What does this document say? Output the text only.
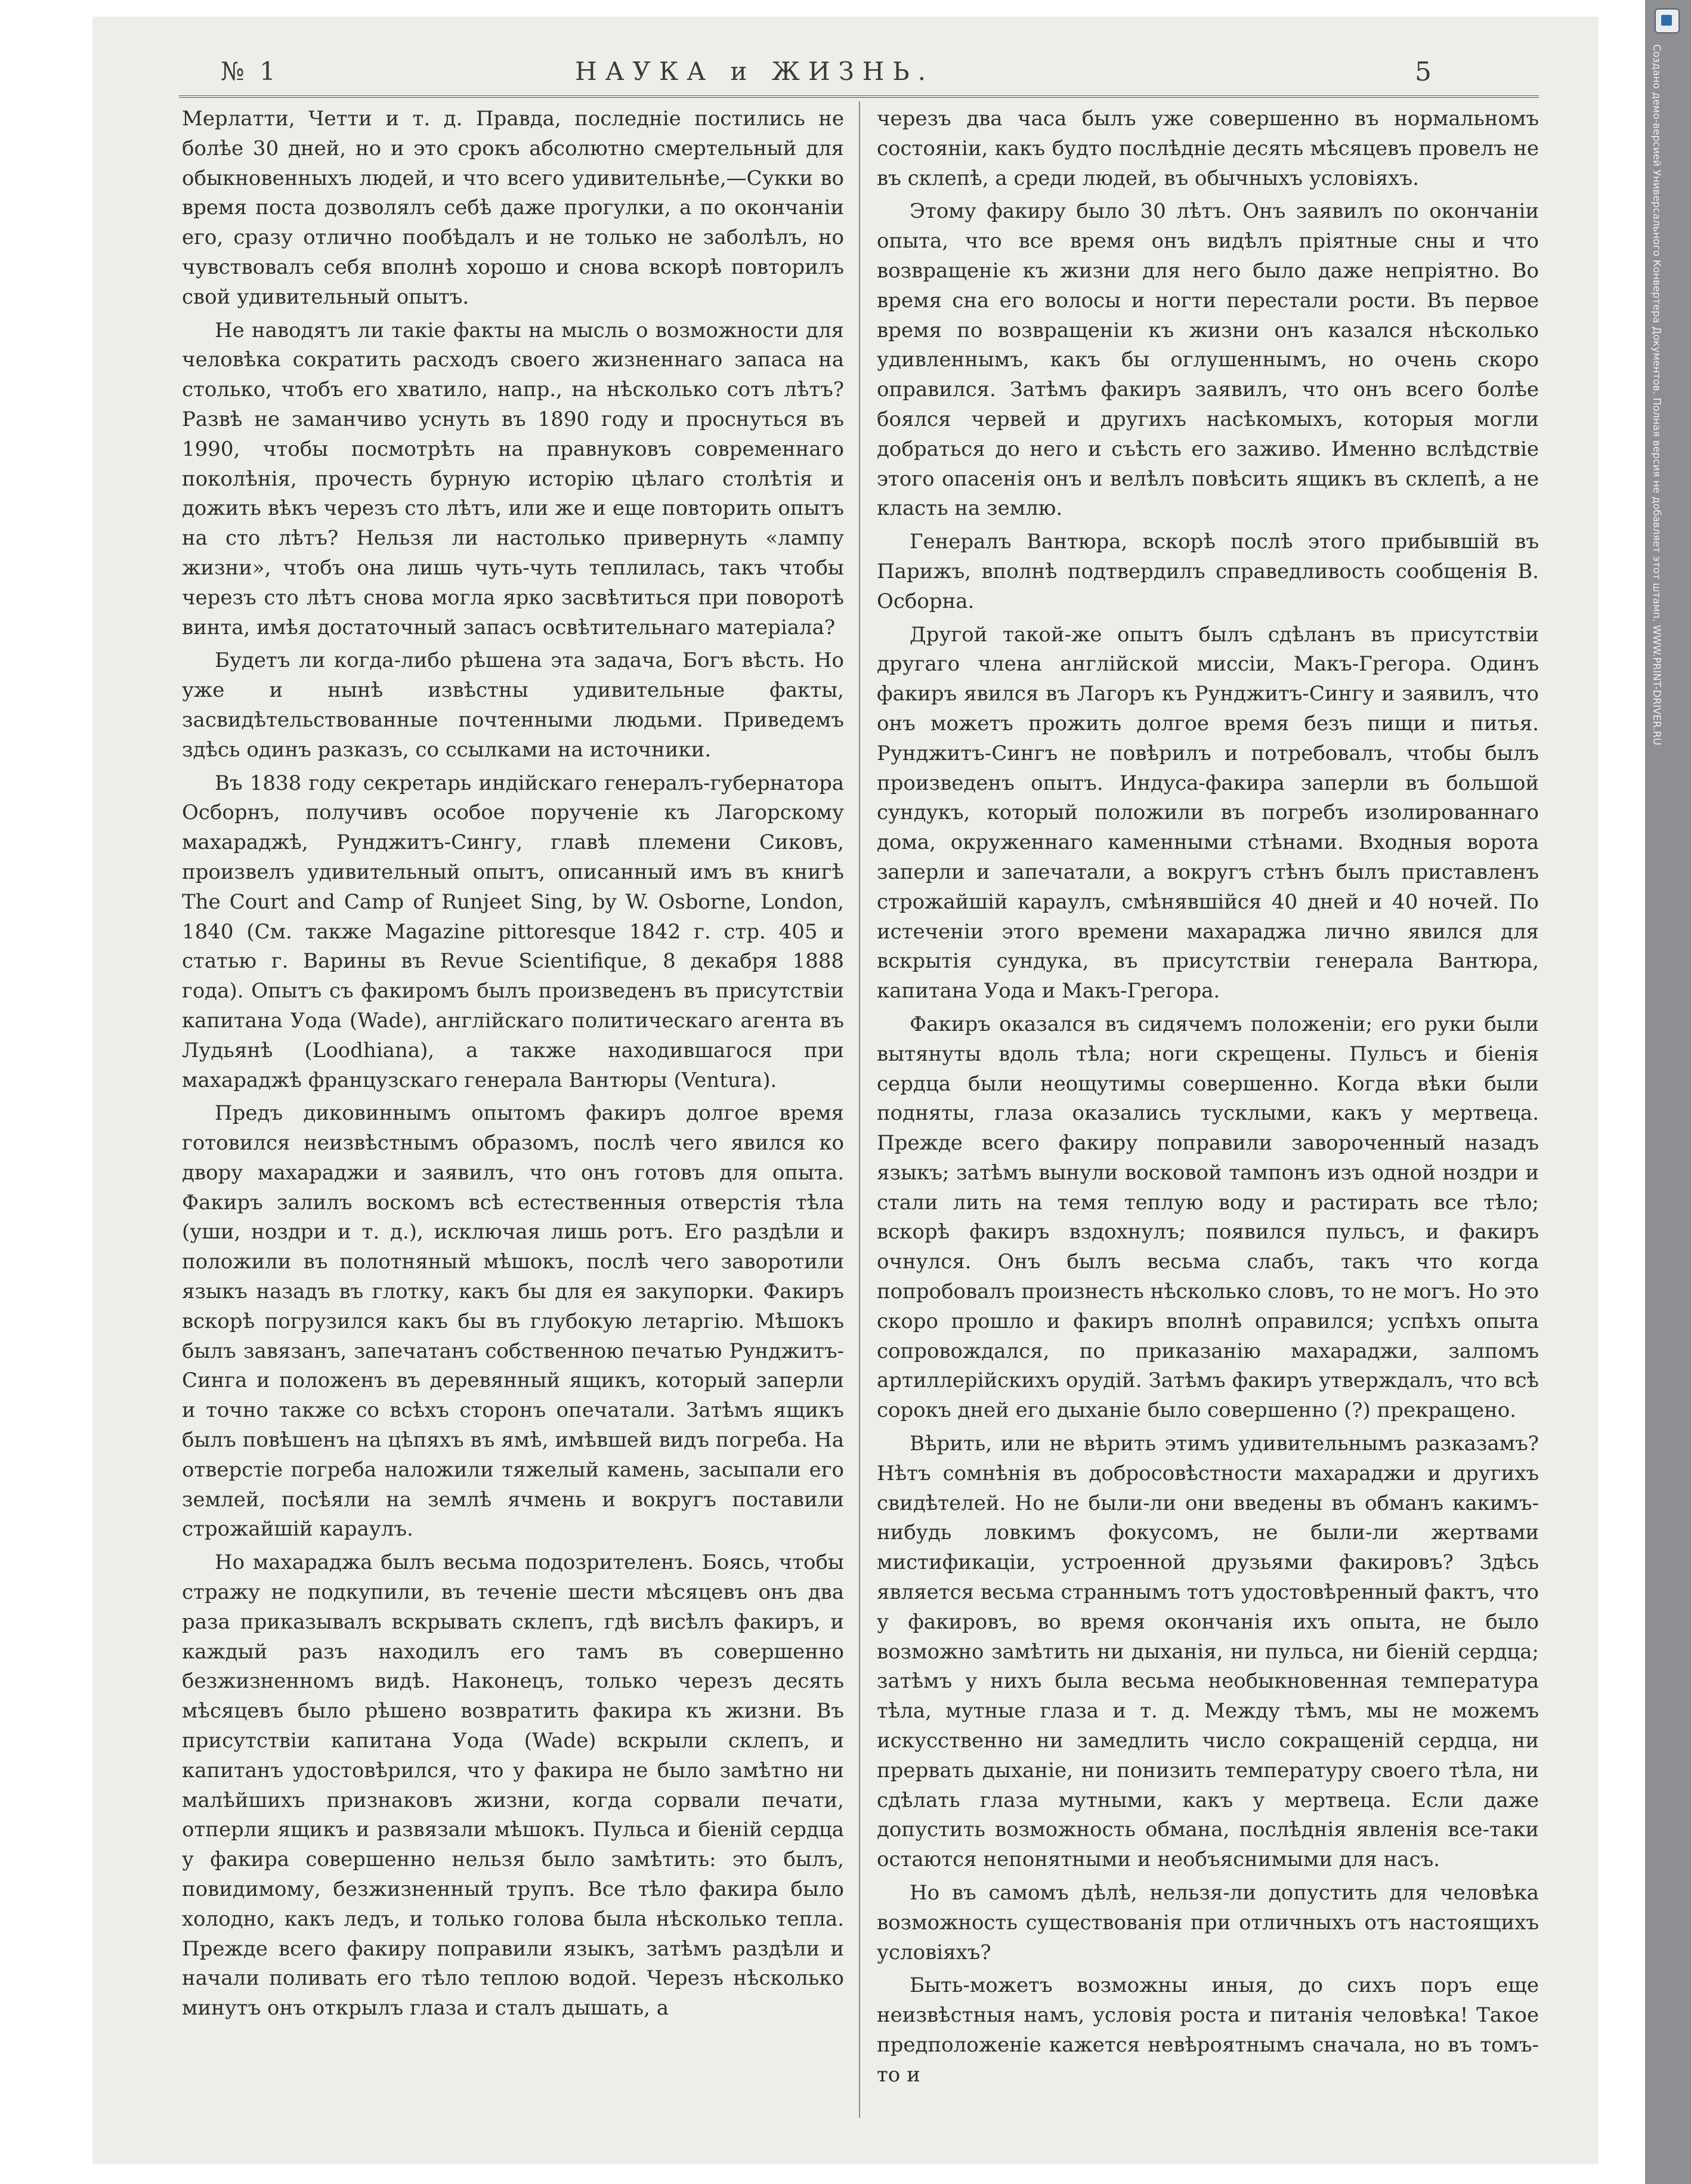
№ 1	НАУКА и ЖИЗНЬ.	5

Мерлатти, Четти и т. д. Правда, последніе постились не болѣе 30 дней, но и это срокъ абсолютно смертельный для обыкновенныхъ людей, и что всего удивительнѣе,—Сукки во время поста дозволялъ себѣ даже прогулки, а по окончаніи его, сразу отлично пообѣдалъ и не только не заболѣлъ, но чувствовалъ себя вполнѣ хорошо и снова вскорѣ повторилъ свой удивительный опытъ.

Не наводятъ ли такіе факты на мысль о возможности для человѣка сократить расходъ своего жизненнаго запаса на столько, чтобъ его хватило, напр., на нѣсколько сотъ лѣтъ? Развѣ не заманчиво уснуть въ 1890 году и проснуться въ 1990, чтобы посмотрѣть на правнуковъ современнаго поколѣнія, прочесть бурную исторію цѣлаго столѣтія и дожить вѣкъ черезъ сто лѣтъ, или же и еще повторить опытъ на сто лѣтъ? Нельзя ли настолько привернуть «лампу жизни», чтобъ она лишь чуть-чуть теплилась, такъ чтобы черезъ сто лѣтъ снова могла ярко засвѣтиться при поворотѣ винта, имѣя достаточный запасъ освѣтительнаго матеріала?

Будетъ ли когда-либо рѣшена эта задача, Богъ вѣсть. Но уже и нынѣ извѣстны удивительные факты, засвидѣтельствованные почтенными людьми. Приведемъ здѣсь одинъ разказъ, со ссылками на источники.

Въ 1838 году секретарь индійскаго генералъ-губернатора Осборнъ, получивъ особое порученіе къ Лагорскому махараджѣ, Рунджитъ-Сингу, главѣ племени Сиковъ, произвелъ удивительный опытъ, описанный имъ въ книгѣ The Court and Camp of Runjeet Sing, by W. Osborne, London, 1840 (См. также Magazine pittoresque 1842 г. стр. 405 и статью г. Варины въ Revue Scientifique, 8 декабря 1888 года). Опытъ съ факиромъ былъ произведенъ въ присутствіи капитана Уода (Wade), англійскаго политическаго агента въ Лудьянѣ (Loodhiana), а также находившагося при махараджѣ французскаго генерала Вантюры (Ventura).

Предъ диковиннымъ опытомъ факиръ долгое время готовился неизвѣстнымъ образомъ, послѣ чего явился ко двору махараджи и заявилъ, что онъ готовъ для опыта. Факиръ залилъ воскомъ всѣ естественныя отверстія тѣла (уши, ноздри и т. д.), исключая лишь ротъ. Его раздѣли и положили въ полотняный мѣшокъ, послѣ чего заворотили языкъ назадъ въ глотку, какъ бы для ея закупорки. Факиръ вскорѣ погрузился какъ бы въ глубокую летаргію. Мѣшокъ былъ завязанъ, запечатанъ собственною печатью Рунджитъ-Синга и положенъ въ деревянный ящикъ, который заперли и точно также со всѣхъ сторонъ опечатали. Затѣмъ ящикъ былъ повѣшенъ на цѣпяхъ въ ямѣ, имѣвшей видъ погреба. На отверстіе погреба наложили тяжелый камень, засыпали его землей, посѣяли на землѣ ячмень и вокругъ поставили строжайшій караулъ.

Но махараджа былъ весьма подозрителенъ. Боясь, чтобы стражу не подкупили, въ теченіе шести мѣсяцевъ онъ два раза приказывалъ вскрывать склепъ, гдѣ висѣлъ факиръ, и каждый разъ находилъ его тамъ въ совершенно безжизненномъ видѣ. Наконецъ, только черезъ десять мѣсяцевъ было рѣшено возвратить факира къ жизни. Въ присутствіи капитана Уода (Wade) вскрыли склепъ, и капитанъ удостовѣрился, что у факира не было замѣтно ни малѣйшихъ признаковъ жизни, когда сорвали печати, отперли ящикъ и развязали мѣшокъ. Пульса и біеній сердца у факира совершенно нельзя было замѣтить: это былъ, повидимому, безжизненный трупъ. Все тѣло факира было холодно, какъ ледъ, и только голова была нѣсколько тепла. Прежде всего факиру поправили языкъ, затѣмъ раздѣли и начали поливать его тѣло теплою водой. Черезъ нѣсколько минутъ онъ открылъ глаза и сталъ дышать, а

черезъ два часа былъ уже совершенно въ нормальномъ состояніи, какъ будто послѣдніе десять мѣсяцевъ провелъ не въ склепѣ, а среди людей, въ обычныхъ условіяхъ.

Этому факиру было 30 лѣтъ. Онъ заявилъ по окончаніи опыта, что все время онъ видѣлъ пріятные сны и что возвращеніе къ жизни для него было даже непріятно. Во время сна его волосы и ногти перестали рости. Въ первое время по возвращеніи къ жизни онъ казался нѣсколько удивленнымъ, какъ бы оглушеннымъ, но очень скоро оправился. Затѣмъ факиръ заявилъ, что онъ всего болѣе боялся червей и другихъ насѣкомыхъ, которыя могли добраться до него и съѣсть его заживо. Именно вслѣдствіе этого опасенія онъ и велѣлъ повѣсить ящикъ въ склепѣ, а не класть на землю.

Генералъ Вантюра, вскорѣ послѣ этого прибывшій въ Парижъ, вполнѣ подтвердилъ справедливость сообщенія В. Осборна.

Другой такой-же опытъ былъ сдѣланъ въ присутствіи другаго члена англійской миссіи, Макъ-Грегора. Одинъ факиръ явился въ Лагоръ къ Рунджитъ-Сингу и заявилъ, что онъ можетъ прожить долгое время безъ пищи и питья. Рунджитъ-Сингъ не повѣрилъ и потребовалъ, чтобы былъ произведенъ опытъ. Индуса-факира заперли въ большой сундукъ, который положили въ погребъ изолированнаго дома, окруженнаго каменными стѣнами. Входныя ворота заперли и запечатали, а вокругъ стѣнъ былъ приставленъ строжайшій караулъ, смѣнявшійся 40 дней и 40 ночей. По истеченіи этого времени махараджа лично явился для вскрытія сундука, въ присутствіи генерала Вантюра, капитана Уода и Макъ-Грегора.

Факиръ оказался въ сидячемъ положеніи; его руки были вытянуты вдоль тѣла; ноги скрещены. Пульсъ и біенія сердца были неощутимы совершенно. Когда вѣки были подняты, глаза оказались тусклыми, какъ у мертвеца. Прежде всего факиру поправили завороченный назадъ языкъ; затѣмъ вынули восковой тампонъ изъ одной ноздри и стали лить на темя теплую воду и растирать все тѣло; вскорѣ факиръ вздохнулъ; появился пульсъ, и факиръ очнулся. Онъ былъ весьма слабъ, такъ что когда попробовалъ произнесть нѣсколько словъ, то не могъ. Но это скоро прошло и факиръ вполнѣ оправился; успѣхъ опыта сопровождался, по приказанію махараджи, залпомъ артиллерійскихъ орудій. Затѣмъ факиръ утверждалъ, что всѣ сорокъ дней его дыханіе было совершенно (?) прекращено.

Вѣрить, или не вѣрить этимъ удивительнымъ разказамъ? Нѣтъ сомнѣнія въ добросовѣстности махараджи и другихъ свидѣтелей. Но не были-ли они введены въ обманъ какимъ-нибудь ловкимъ фокусомъ, не были-ли жертвами мистификаціи, устроенной друзьями факировъ? Здѣсь является весьма страннымъ тотъ удостовѣренный фактъ, что у факировъ, во время окончанія ихъ опыта, не было возможно замѣтить ни дыханія, ни пульса, ни біеній сердца; затѣмъ у нихъ была весьма необыкновенная температура тѣла, мутные глаза и т. д. Между тѣмъ, мы не можемъ искусственно ни замедлить число сокращеній сердца, ни прервать дыханіе, ни понизить температуру своего тѣла, ни сдѣлать глаза мутными, какъ у мертвеца. Если даже допустить возможность обмана, послѣднія явленія все-таки остаются непонятными и необъяснимыми для насъ.

Но въ самомъ дѣлѣ, нельзя-ли допустить для человѣка возможность существованія при отличныхъ отъ настоящихъ условіяхъ?

Быть-можетъ возможны иныя, до сихъ поръ еще неизвѣстныя намъ, условія роста и питанія человѣка! Такое предположеніе кажется невѣроятнымъ сначала, но въ томъ-то и

Создано демо-версией Универсального Конвертера Документов. Полная версия не добавляет этот штамп. WWW.PRINT-DRIVER.RU
